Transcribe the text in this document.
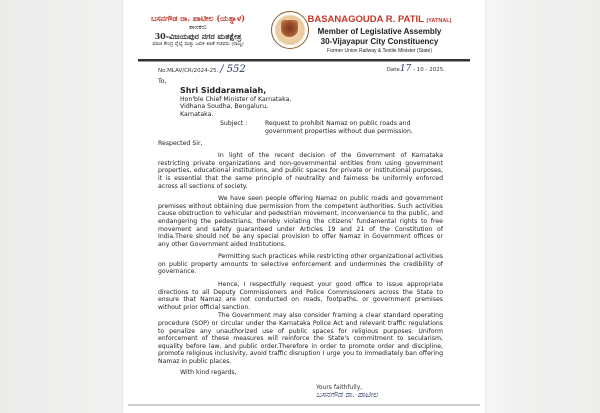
ಬಸನಗೌಡ ರಾ. ಪಾಟೀಲ (ಯತ್ನಾಳ)
ಶಾಸಕರು
30-ವಿಜಯಪುರ ನಗರ ಮತಕ್ಷೇತ್ರ
ಮಾಜಿ ಕೇಂದ್ರ ರೈಲ್ವೆ ಮತ್ತು ಜವಳಿ ಖಾತೆ ಸಚಿವರು (ರಾಜ್ಯ)
BASANAGOUDA R. PATIL (YATNAL)
Member of Legislative Assembly
30-Vijayapur City Constituency
Former Union Railway & Textile Minister (State)
No.MLAV/CR/2024-25. / 552	Date17 - 10 - 2025.
To,
Shri Siddaramaiah,
Hon'ble Chief Minister of Karnataka,
Vidhana Soudha, Bengaluru,
Karnataka.
Subject :	Request to prohibit Namaz on public roads and government properties without due permission.
Respected Sir,

In light of the recent decision of the Government of Karnataka restricting private organizations and non-governmental entities from using government properties, educational institutions, and public spaces for private or institutional purposes, it is essential that the same principle of neutrality and fairness be uniformly enforced across all sections of society.

We have seen people offering Namaz on public roads and government premises without obtaining due permission from the competent authorities. Such activities cause obstruction to vehicular and pedestrian movement, inconvenience to the public, and endangering the pedestrians, thereby violating the citizens' fundamental rights to free movement and safety guaranteed under Articles 19 and 21 of the Constitution of India.There should not be any special provision to offer Namaz in Government offices or any other Government aided Institutions.

Permitting such practices while restricting other organizational activities on public property amounts to selective enforcement and undermines the credibility of governance.

Hence, I respectfully request your good office to issue appropriate directions to all Deputy Commissioners and Police Commissioners across the State to ensure that Namaz are not conducted on roads, footpaths, or government premises without prior official sanction.

The Government may also consider framing a clear standard operating procedure (SOP) or circular under the Karnataka Police Act and relevant traffic regulations to penalize any unauthorized use of public spaces for religious purposes. Uniform enforcement of these measures will reinforce the State's commitment to secularism, equality before law, and public order.Therefore in order to promote order and discipline, promote religious inclusivity, avoid traffic disruption I urge you to immediately ban offering Namaz in public places.

With kind regards,
Yours faithfully,
ಬಸನಗೌಡ ರಾ. ಪಾಟೀಲ
